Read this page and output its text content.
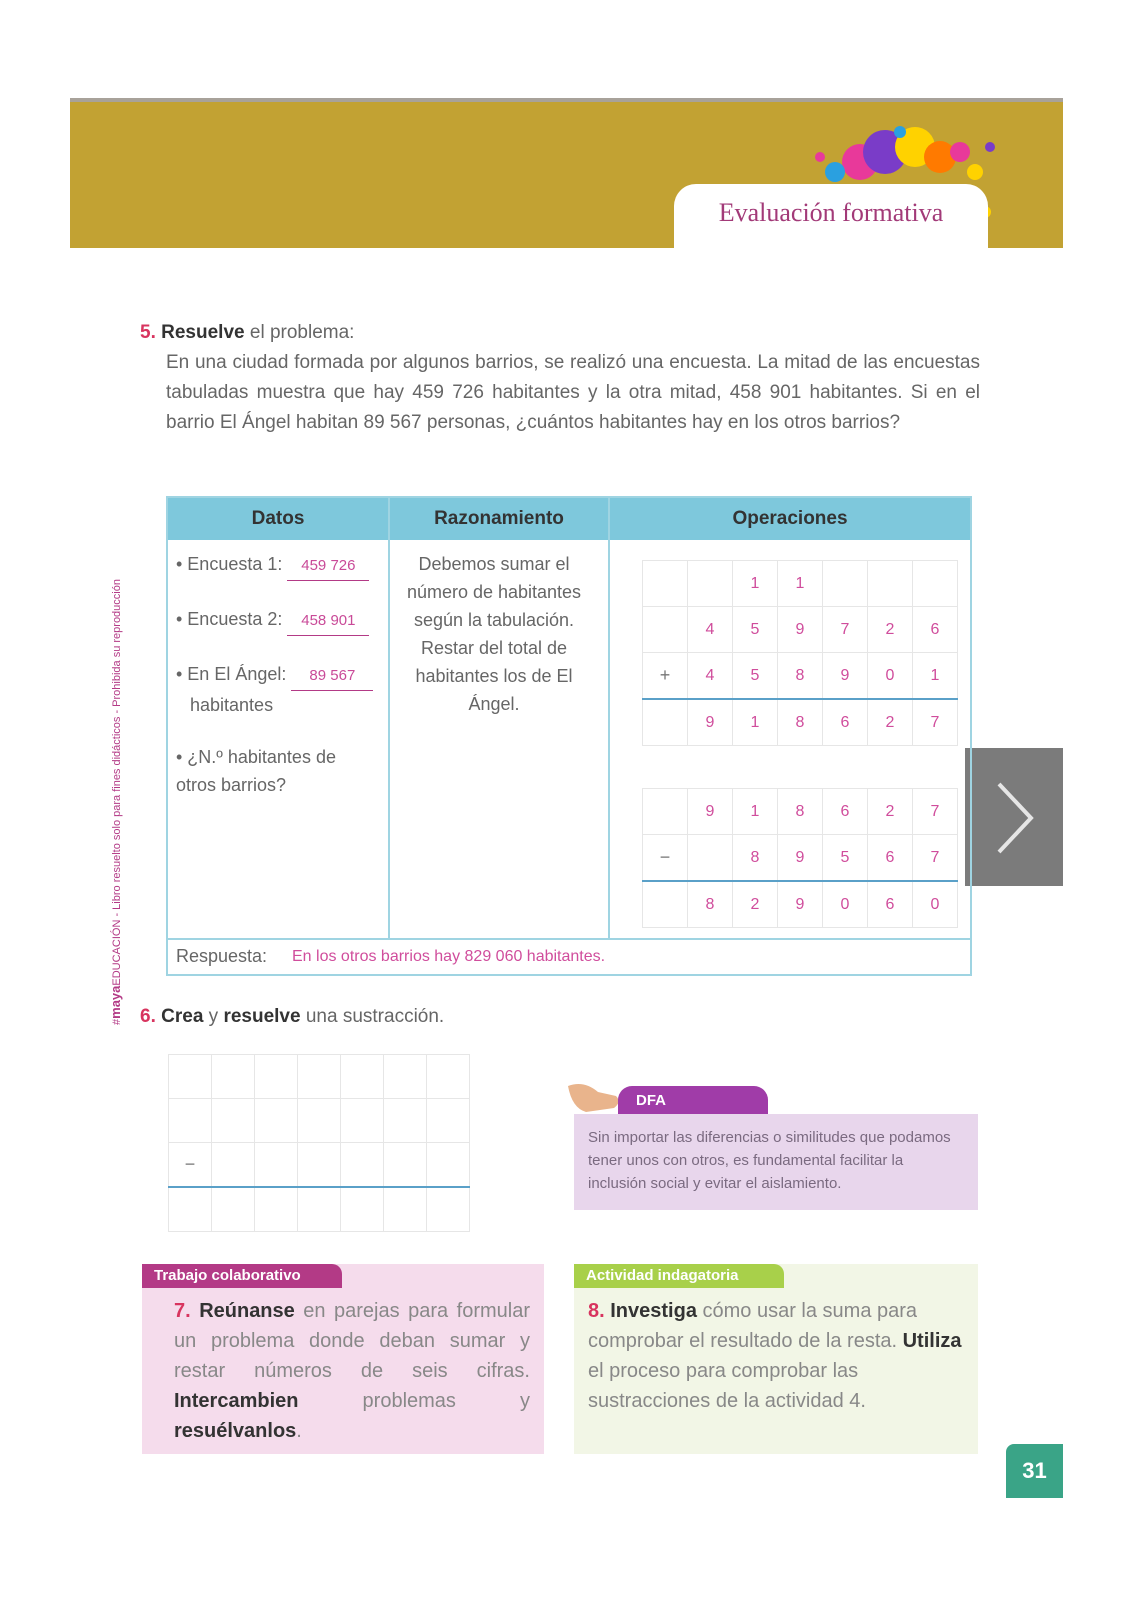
Evaluación formativa
#mayaEDUCACIÓN - Libro resuelto solo para fines didácticos - Prohibida su reproducción
5. Resuelve el problema:
En una ciudad formada por algunos barrios, se realizó una encuesta. La mitad de las encuestas tabuladas muestra que hay 459 726 habitantes y la otra mitad, 458 901 habitantes. Si en el barrio El Ángel habitan 89 567 personas, ¿cuántos habitantes hay en los otros barrios?
Datos	Razonamiento	Operaciones
• Encuesta 1: 459 726
• Encuesta 2: 458 901
• En El Ángel: 89 567
habitantes
• ¿N.º habitantes de otros barrios?
Debemos sumar el número de habitantes según la tabulación. Restar del total de habitantes los de El Ángel.
		1	1			
	4	5	9	7	2	6
+	4	5	8	9	0	1
	9	1	8	6	2	7
	9	1	8	6	2	7
−		8	9	5	6	7
	8	2	9	0	6	0
Respuesta: En los otros barrios hay 829 060 habitantes.
6. Crea y resuelve una sustracción.

−						

DFA
Sin importar las diferencias o similitudes que podamos tener unos con otros, es fundamental facilitar la inclusión social y evitar el aislamiento.
7. Reúnanse en parejas para formular un problema donde deban sumar y restar números de seis cifras. Intercambien problemas y resuélvanlos.
Trabajo colaborativo
8. Investiga cómo usar la suma para comprobar el resultado de la resta. Utiliza el proceso para comprobar las sustracciones de la actividad 4.
Actividad indagatoria
31
